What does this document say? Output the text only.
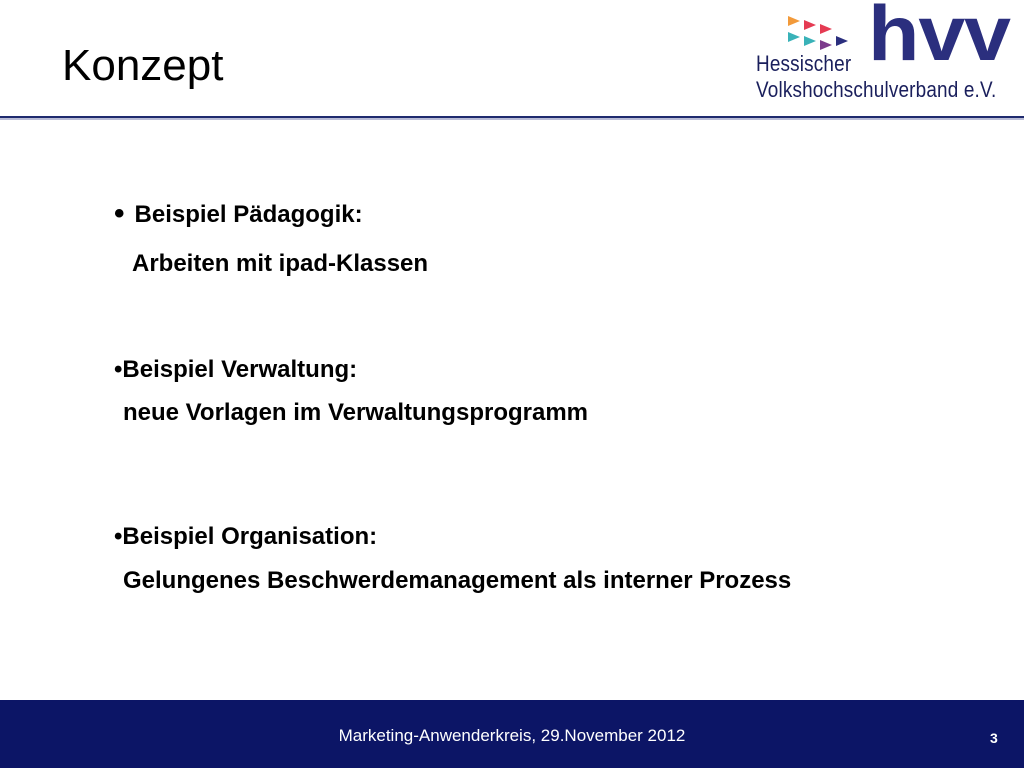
Konzept	hvv
Hessischer
Volkshochschulverband e.V.
• Beispiel Pädagogik:
Arbeiten mit ipad-Klassen
•Beispiel Verwaltung:
neue Vorlagen im Verwaltungsprogramm
•Beispiel Organisation:
Gelungenes Beschwerdemanagement als interner Prozess
Marketing-Anwenderkreis, 29.November 2012	3
